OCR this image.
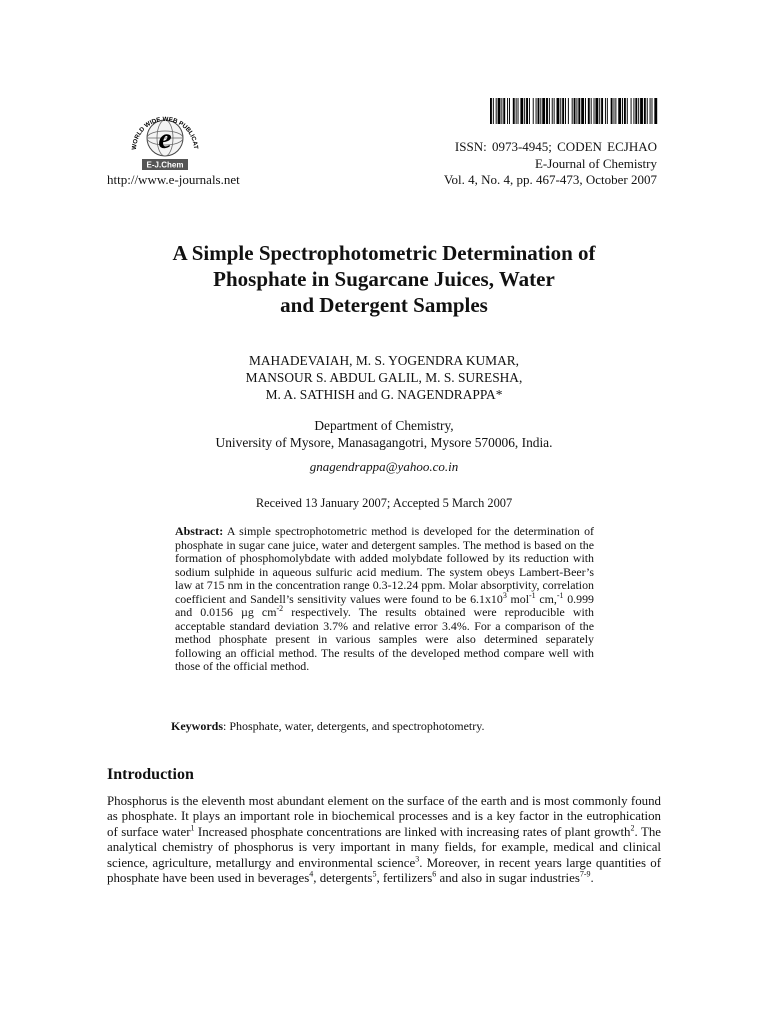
e
WORLD WIDE WEB PUBLICAT
E-J.Chem
http://www.e-journals.net
ISSN: 0973-4945; CODEN ECJHAO
E-Journal of Chemistry
Vol. 4, No. 4, pp. 467-473, October 2007
A Simple Spectrophotometric Determination of
Phosphate in Sugarcane Juices, Water
and Detergent Samples
MAHADEVAIAH, M. S. YOGENDRA KUMAR,
MANSOUR S. ABDUL GALIL, M. S. SURESHA,
M. A. SATHISH and G. NAGENDRAPPA*
Department of Chemistry,
University of Mysore, Manasagangotri, Mysore 570006, India.
gnagendrappa@yahoo.co.in
Received 13 January 2007; Accepted 5 March 2007

Abstract: A simple spectrophotometric method is developed for the determination of phosphate in sugar cane juice, water and detergent samples. The method is based on the formation of phosphomolybdate with added molybdate followed by its reduction with sodium sulphide in aqueous sulfuric acid medium. The system obeys Lambert-Beer’s law at 715 nm in the concentration range 0.3-12.24 ppm. Molar absorptivity, correlation coefficient and Sandell’s sensitivity values were found to be $6.1x10^3$ mol$^{-1}$ cm,$^{-1}$ 0.999 and 0.0156 µg $cm^{-2}$ respectively. The results obtained were reproducible with acceptable standard deviation 3.7% and relative error 3.4%. For a comparison of the method phosphate present in various samples were also determined separately following an official method. The results of the developed method compare well with those of the official method.

Keywords: Phosphate, water, detergents, and spectrophotometry.
Introduction

Phosphorus is the eleventh most abundant element on the surface of the earth and is most commonly found as phosphate. It plays an important role in biochemical processes and is a key factor in the eutrophication of surface water$^1$ Increased phosphate concentrations are linked with increasing rates of plant growth$^2$. The analytical chemistry of phosphorus is very important in many fields, for example, medical and clinical science, agriculture, metallurgy and environmental science$^3$. Moreover, in recent years large quantities of phosphate have been used in beverages$^4$, detergents$^5$, fertilizers$^6$ and also in sugar industries$^{7-9}$.
